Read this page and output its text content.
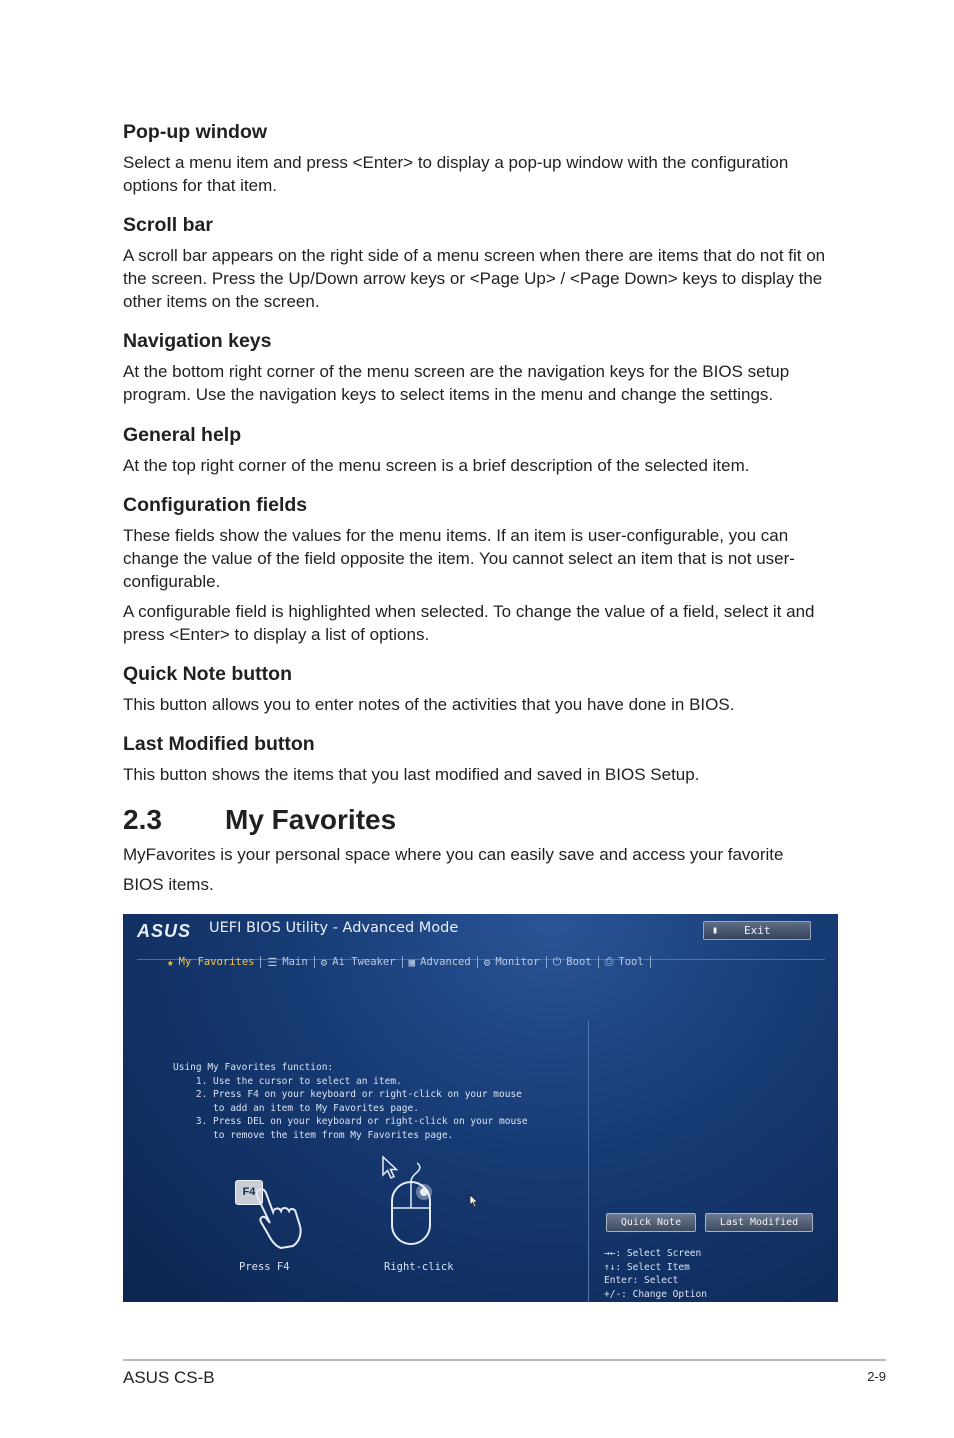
Pop-up window

Select a menu item and press <Enter> to display a pop-up window with the configuration options for that item.

Scroll bar

A scroll bar appears on the right side of a menu screen when there are items that do not fit on the screen. Press the Up/Down arrow keys or <Page Up> / <Page Down> keys to display the other items on the screen.

Navigation keys

At the bottom right corner of the menu screen are the navigation keys for the BIOS setup program. Use the navigation keys to select items in the menu and change the settings.

General help

At the top right corner of the menu screen is a brief description of the selected item.

Configuration fields

These fields show the values for the menu items. If an item is user-configurable, you can change the value of the field opposite the item. You cannot select an item that is not user-configurable.

A configurable field is highlighted when selected. To change the value of a field, select it and press <Enter> to display a list of options.

Quick Note button

This button allows you to enter notes of the activities that you have done in BIOS.

Last Modified button

This button shows the items that you last modified and saved in BIOS Setup.

2.3 My Favorites

MyFavorites is your personal space where you can easily save and access your favorite

BIOS items.

ASUS UEFI BIOS Utility - Advanced Mode	▮	Exit
★ My Favorites ☰ Main ⚙ Ai Tweaker ▦ Advanced ⚙ Monitor ⏻ Boot ⎙ Tool
Using My Favorites function:
1. Use the cursor to select an item.
2. Press F4 on your keyboard or right-click on your mouse
to add an item to My Favorites page.
3. Press DEL on your keyboard or right-click on your mouse
to remove the item from My Favorites page.
F4
Press F4	Right-click
Quick Note	Last Modified
→←: Select Screen
↑↓: Select Item
Enter: Select
+/-: Change Option
ASUS CS-B	2-9
